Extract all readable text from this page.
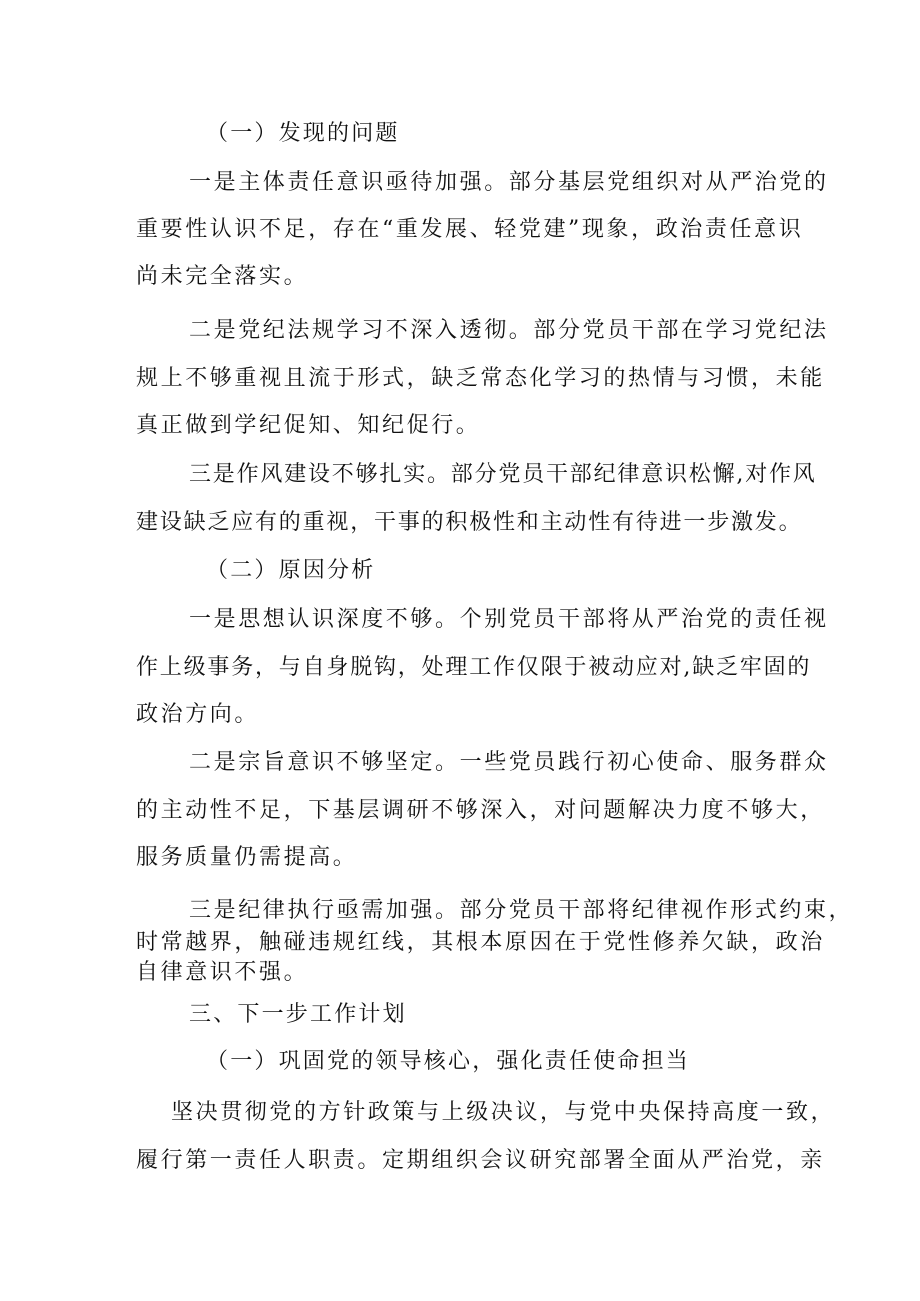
（一）发现的问题
一是主体责任意识亟待加强。部分基层党组织对从严治党的
重要性认识不足，存在“重发展、轻党建”现象，政治责任意识
尚未完全落实。
二是党纪法规学习不深入透彻。部分党员干部在学习党纪法
规上不够重视且流于形式，缺乏常态化学习的热情与习惯，未能
真正做到学纪促知、知纪促行。
三是作风建设不够扎实。部分党员干部纪律意识松懈,对作风
建设缺乏应有的重视，干事的积极性和主动性有待进一步激发。
（二）原因分析
一是思想认识深度不够。个别党员干部将从严治党的责任视
作上级事务，与自身脱钩，处理工作仅限于被动应对,缺乏牢固的
政治方向。
二是宗旨意识不够坚定。一些党员践行初心使命、服务群众
的主动性不足，下基层调研不够深入，对问题解决力度不够大，
服务质量仍需提高。
三是纪律执行亟需加强。部分党员干部将纪律视作形式约束，
时常越界，触碰违规红线，其根本原因在于党性修养欠缺，政治
自律意识不强。
三、下一步工作计划
（一）巩固党的领导核心，强化责任使命担当
坚决贯彻党的方针政策与上级决议，与党中央保持高度一致，
履行第一责任人职责。定期组织会议研究部署全面从严治党，亲
